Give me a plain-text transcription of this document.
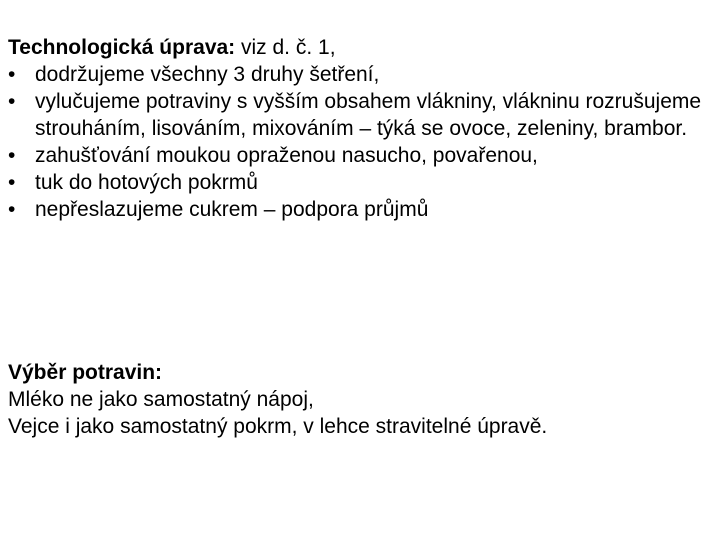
Technologická úprava: viz d. č. 1,
• dodržujeme všechny 3 druhy šetření,
• vylučujeme potraviny s vyšším obsahem vlákniny, vlákninu rozrušujeme strouháním, lisováním, mixováním – týká se ovoce, zeleniny, brambor.
• zahušťování moukou opraženou nasucho, povařenou,
• tuk do hotových pokrmů
• nepřeslazujeme cukrem – podpora průjmů
Výběr potravin:
Mléko ne jako samostatný nápoj,
Vejce i jako samostatný pokrm, v lehce stravitelné úpravě.
